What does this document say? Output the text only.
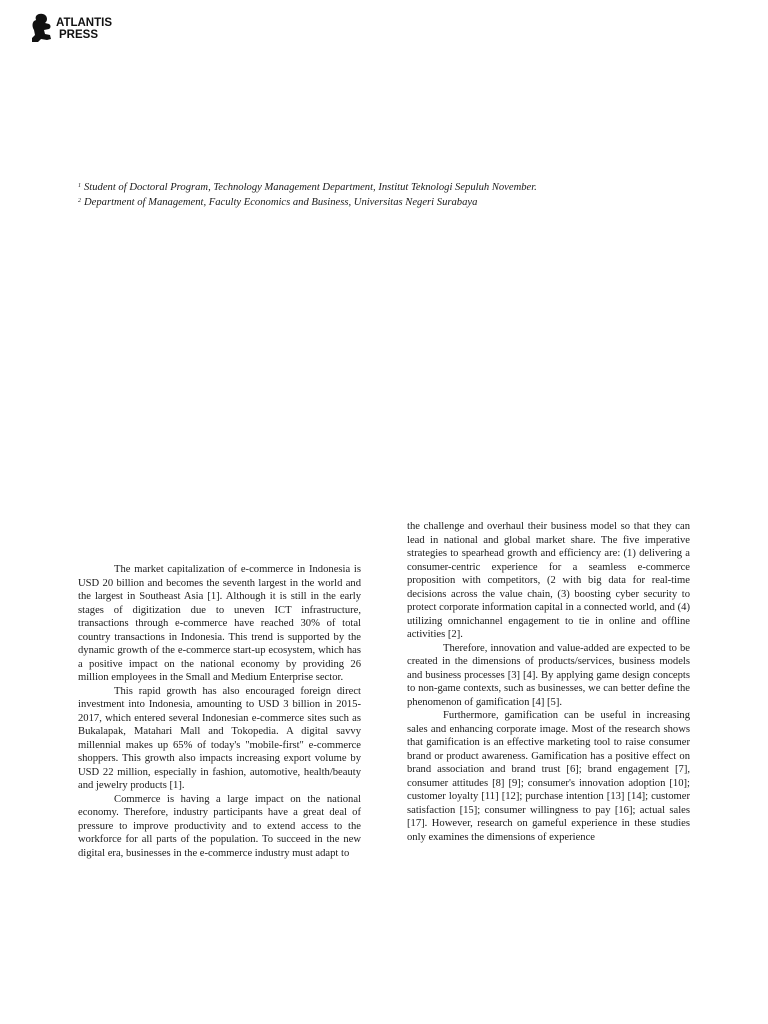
ATLANTIS
PRESS
$^1$ Student of Doctoral Program, Technology Management Department, Institut Teknologi Sepuluh November.
$^2$ Department of Management, Faculty Economics and Business, Universitas Negeri Surabaya

The market capitalization of e-commerce in Indonesia is USD 20 billion and becomes the seventh largest in the world and the largest in Southeast Asia [1]. Although it is still in the early stages of digitization due to uneven ICT infrastructure, transactions through e-commerce have reached 30% of total country transactions in Indonesia. This trend is supported by the dynamic growth of the e-commerce start-up ecosystem, which has a positive impact on the national economy by providing 26 million employees in the Small and Medium Enterprise sector.

This rapid growth has also encouraged foreign direct investment into Indonesia, amounting to USD 3 billion in 2015-2017, which entered several Indonesian e-commerce sites such as Bukalapak, Matahari Mall and Tokopedia. A digital savvy millennial makes up 65% of today's "mobile-first" e-commerce shoppers. This growth also impacts increasing export volume by USD 22 million, especially in fashion, automotive, health/beauty and jewelry products [1].

Commerce is having a large impact on the national economy. Therefore, industry participants have a great deal of pressure to improve productivity and to extend access to the workforce for all parts of the population. To succeed in the new digital era, businesses in the e-commerce industry must adapt to

the challenge and overhaul their business model so that they can lead in national and global market share. The five imperative strategies to spearhead growth and efficiency are: (1) delivering a consumer-centric experience for a seamless e-commerce proposition with competitors, (2 with big data for real-time decisions across the value chain, (3) boosting cyber security to protect corporate information capital in a connected world, and (4) utilizing omnichannel engagement to tie in online and offline activities [2].

Therefore, innovation and value-added are expected to be created in the dimensions of products/services, business models and business processes [3] [4]. By applying game design concepts to non-game contexts, such as businesses, we can better define the phenomenon of gamification [4] [5].

Furthermore, gamification can be useful in increasing sales and enhancing corporate image. Most of the research shows that gamification is an effective marketing tool to raise consumer brand or product awareness. Gamification has a positive effect on brand association and brand trust [6]; brand engagement [7], consumer attitudes [8] [9]; consumer's innovation adoption [10]; customer loyalty [11] [12]; purchase intention [13] [14]; customer satisfaction [15]; consumer willingness to pay [16]; actual sales [17]. However, research on gameful experience in these studies only examines the dimensions of experience
